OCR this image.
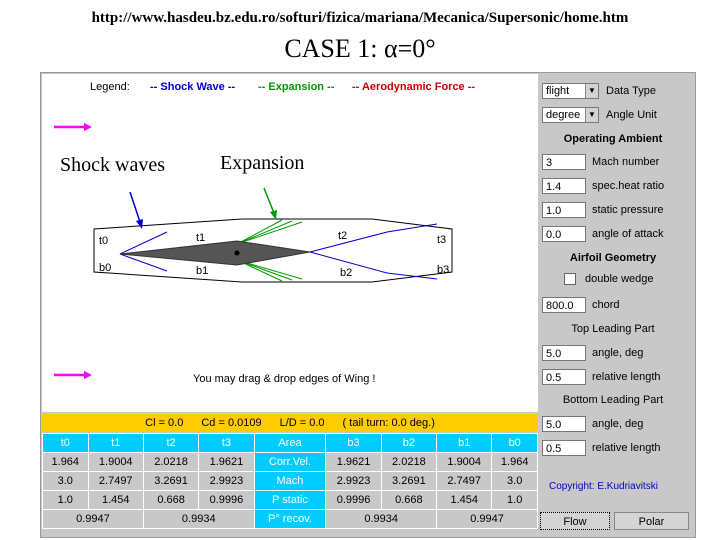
http://www.hasdeu.bz.edu.ro/softuri/fizica/mariana/Mecanica/Supersonic/home.htm
CASE 1: α=0°
Legend: -- Shock Wave -- -- Expansion -- -- Aerodynamic Force --
t0	t1	t2	t3
b0	b1	b2	b3
Shock waves	Expansion
You may drag & drop edges of Wing !
Cl = 0.0 Cd = 0.0109 L/D = 0.0 ( tail turn: 0.0 deg.)
t0	t1	t2	t3	Area	b3	b2	b1	b0
1.964	1.9004	2.0218	1.9621	Corr.Vel.	1.9621	2.0218	1.9004	1.964
3.0	2.7497	3.2691	2.9923	Mach	2.9923	3.2691	2.7497	3.0
1.0	1.454	0.668	0.9996	P static	0.9996	0.668	1.454	1.0
0.9947		0.9934		P° recov.	0.9934		0.9947	
flight	▼ Data Type
degree ▼ Angle Unit
Operating Ambient
3	Mach number
1.4	spec.heat ratio
1.0	static pressure
0.0	angle of attack
Airfoil Geometry
double wedge
800.0	chord
Top Leading Part
5.0	angle, deg
0.5	relative length
Bottom Leading Part
5.0	angle, deg
0.5	relative length
Copyright: E.Kudriavitski
Flow	Polar
